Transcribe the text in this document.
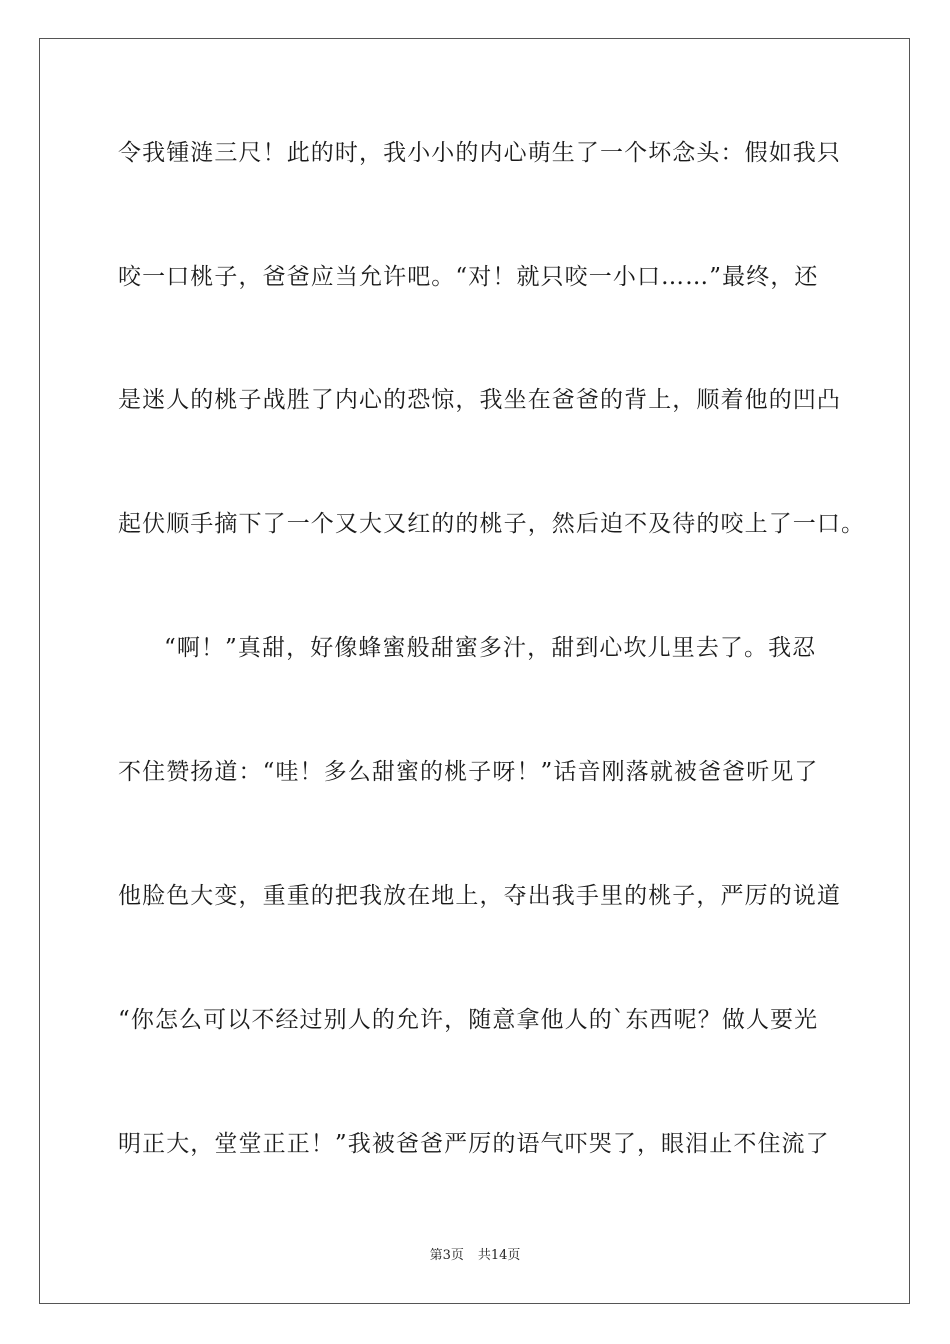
令我锺涟三尺！此的时，我小小的内心萌生了一个坏念头：假如我只

咬一口桃子，爸爸应当允许吧。“对！就只咬一小口……”最终，还

是迷人的桃子战胜了内心的恐惊，我坐在爸爸的背上，顺着他的凹凸

起伏顺手摘下了一个又大又红的的桃子，然后迫不及待的咬上了一口。

“啊！”真甜，好像蜂蜜般甜蜜多汁，甜到心坎儿里去了。我忍

不住赞扬道：“哇！多么甜蜜的桃子呀！”话音刚落就被爸爸听见了

他脸色大变，重重的把我放在地上，夺出我手里的桃子，严厉的说道

“你怎么可以不经过别人的允许，随意拿他人的`东西呢？做人要光

明正大，堂堂正正！”我被爸爸严厉的语气吓哭了，眼泪止不住流了

第3页 共14页
